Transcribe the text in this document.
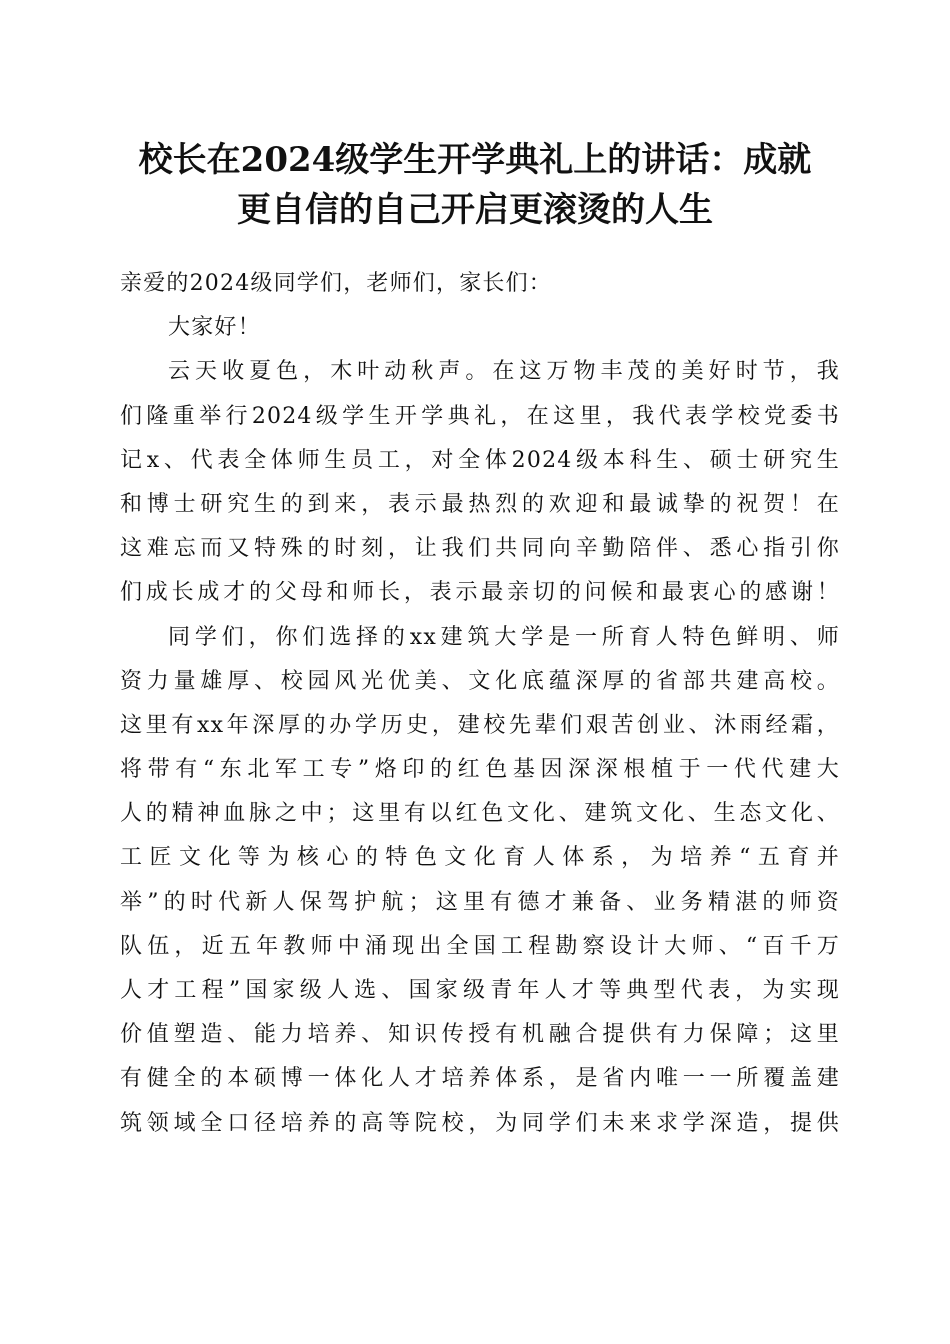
校长在2024级学生开学典礼上的讲话：成就
更自信的自己开启更滚烫的人生
亲爱的2024级同学们，老师们，家长们：
大家好！
云天收夏色，木叶动秋声。在这万物丰茂的美好时节，我
们隆重举行2024级学生开学典礼，在这里，我代表学校党委书
记x、代表全体师生员工，对全体2024级本科生、硕士研究生
和博士研究生的到来，表示最热烈的欢迎和最诚挚的祝贺！在
这难忘而又特殊的时刻，让我们共同向辛勤陪伴、悉心指引你
们成长成才的父母和师长，表示最亲切的问候和最衷心的感谢！
同学们，你们选择的xx建筑大学是一所育人特色鲜明、师
资力量雄厚、校园风光优美、文化底蕴深厚的省部共建高校。
这里有xx年深厚的办学历史，建校先辈们艰苦创业、沐雨经霜，
将带有“东北军工专”烙印的红色基因深深根植于一代代建大
人的精神血脉之中；这里有以红色文化、建筑文化、生态文化、
工匠文化等为核心的特色文化育人体系，为培养“五育并
举”的时代新人保驾护航；这里有德才兼备、业务精湛的师资
队伍，近五年教师中涌现出全国工程勘察设计大师、“百千万
人才工程”国家级人选、国家级青年人才等典型代表，为实现
价值塑造、能力培养、知识传授有机融合提供有力保障；这里
有健全的本硕博一体化人才培养体系，是省内唯一一所覆盖建
筑领域全口径培养的高等院校，为同学们未来求学深造，提供
